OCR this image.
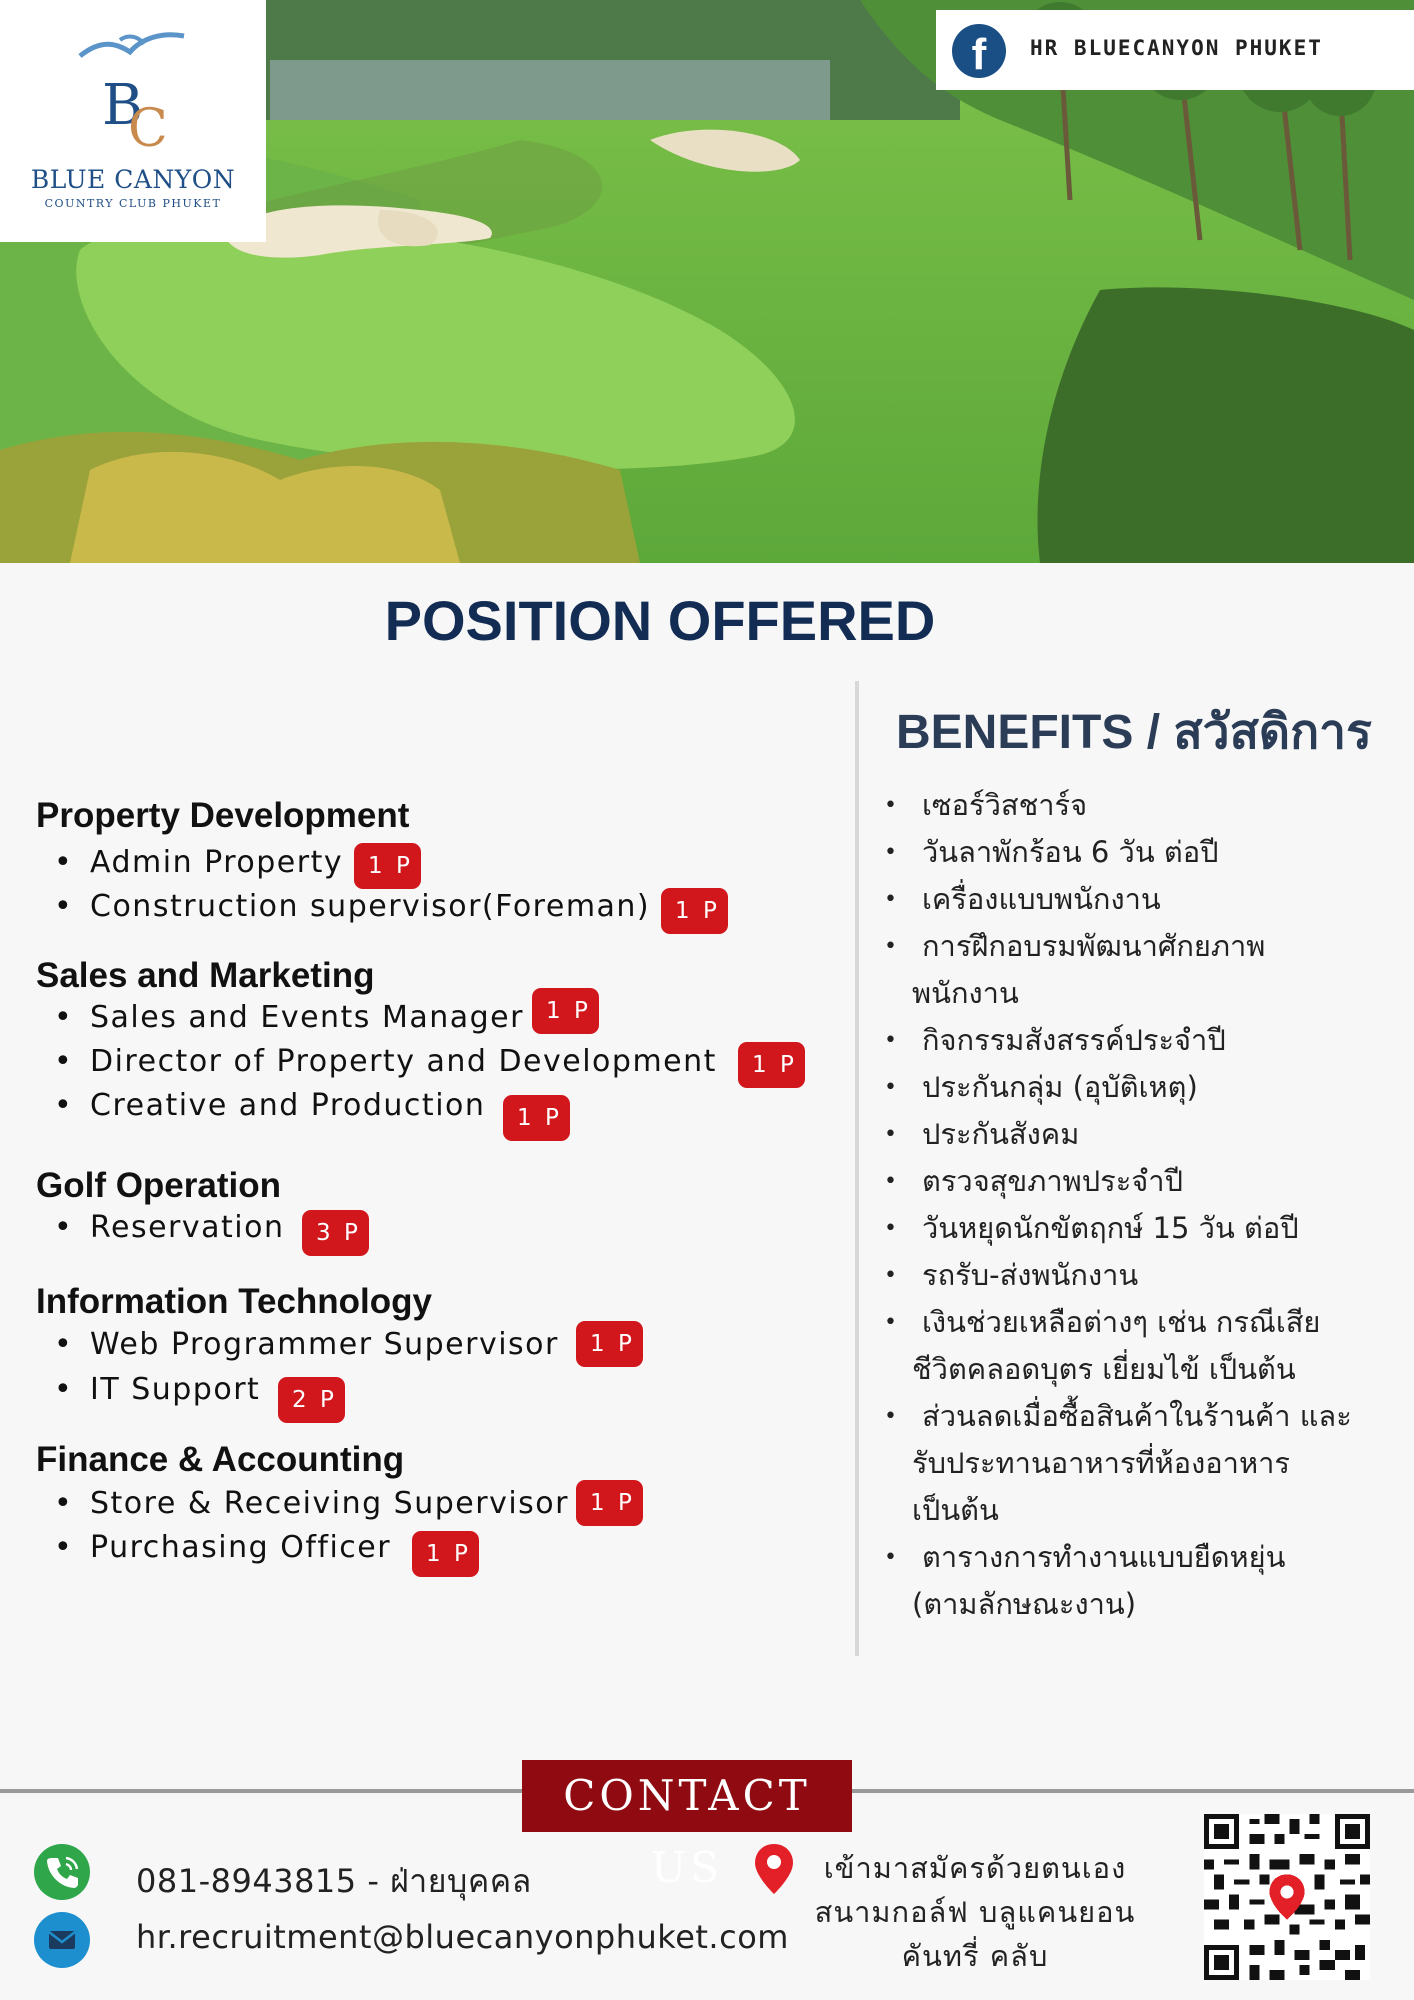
B
C
BLUE CANYON
COUNTRY CLUB PHUKET
f	HR BLUECANYON PHUKET
POSITION OFFERED
Property Development
• Admin Property	1 P
• Construction supervisor(Foreman)	1 P
Sales and Marketing
• Sales and Events Manager 1 P
• Director of Property and Development	1 P
• Creative and Production	1 P
Golf Operation
• Reservation	3 P
Information Technology
• Web Programmer Supervisor	1 P
• IT Support	2 P
Finance & Accounting
• Store & Receiving Supervisor 1 P
• Purchasing Officer	1 P
BENEFITS / สวัสดิการ
• เซอร์วิสชาร์จ
• วันลาพักร้อน 6 วัน ต่อปี
• เครื่องแบบพนักงาน
• การฝึกอบรมพัฒนาศักยภาพ
พนักงาน
• กิจกรรมสังสรรค์ประจำปี
• ประกันกลุ่ม (อุบัติเหตุ)
• ประกันสังคม
• ตรวจสุขภาพประจำปี
• วันหยุดนักขัตฤกษ์ 15 วัน ต่อปี
• รถรับ-ส่งพนักงาน
• เงินช่วยเหลือต่างๆ เช่น กรณีเสีย
ชีวิตคลอดบุตร เยี่ยมไข้ เป็นต้น
• ส่วนลดเมื่อซื้อสินค้าในร้านค้า และ
รับประทานอาหารที่ห้องอาหาร
เป็นต้น
• ตารางการทำงานแบบยืดหยุ่น
(ตามลักษณะงาน)
CONTACT US
081-8943815 - ฝ่ายบุคคล
hr.recruitment@bluecanyonphuket.com
เข้ามาสมัครด้วยตนเอง
สนามกอล์ฟ บลูแคนยอน
คันทรี่ คลับ
